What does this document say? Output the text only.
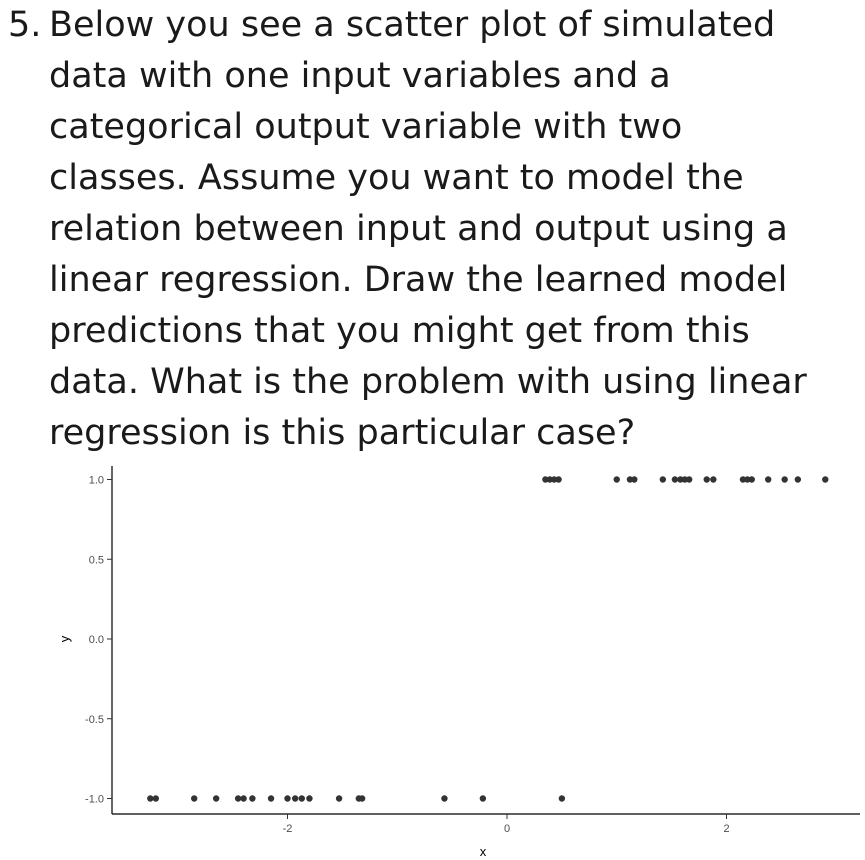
5. Below you see a scatter plot of simulated
data with one input variables and a
categorical output variable with two
classes. Assume you want to model the
relation between input and output using a
linear regression. Draw the learned model
predictions that you might get from this
data. What is the problem with using linear
regression is this particular case?
-1.0
-0.5
0.0
0.5
1.0
-2	0	2
x
y
